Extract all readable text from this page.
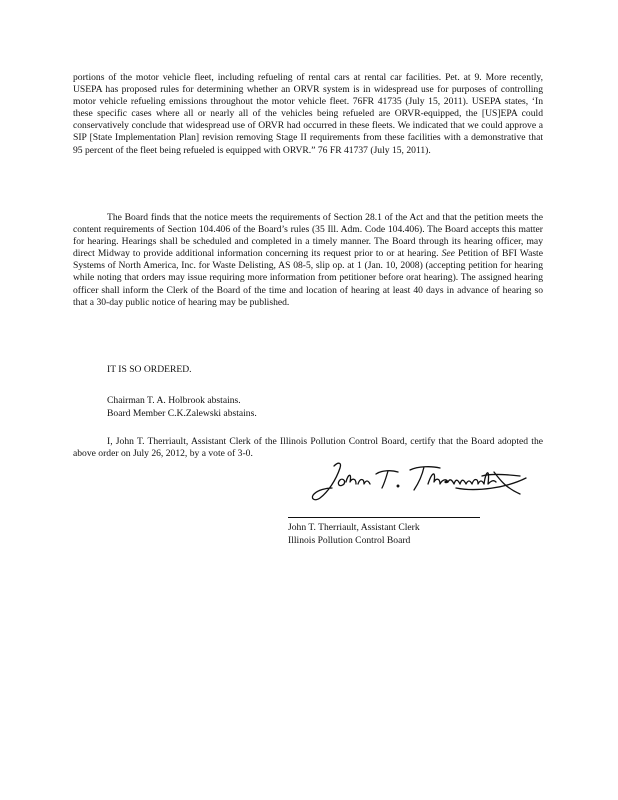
portions of the motor vehicle fleet, including refueling of rental cars at rental car facilities. Pet. at 9. More recently, USEPA has proposed rules for determining whether an ORVR system is in widespread use for purposes of controlling motor vehicle refueling emissions throughout the motor vehicle fleet. 76FR 41735 (July 15, 2011). USEPA states, ‘In these specific cases where all or nearly all of the vehicles being refueled are ORVR-equipped, the [US]EPA could conservatively conclude that widespread use of ORVR had occurred in these fleets. We indicated that we could approve a SIP [State Implementation Plan] revision removing Stage II requirements from these facilities with a demonstrative that 95 percent of the fleet being refueled is equipped with ORVR.” 76 FR 41737 (July 15, 2011).

The Board finds that the notice meets the requirements of Section 28.1 of the Act and that the petition meets the content requirements of Section 104.406 of the Board’s rules (35 Ill. Adm. Code 104.406). The Board accepts this matter for hearing. Hearings shall be scheduled and completed in a timely manner. The Board through its hearing officer, may direct Midway to provide additional information concerning its request prior to or at hearing. See Petition of BFI Waste Systems of North America, Inc. for Waste Delisting, AS 08-5, slip op. at 1 (Jan. 10, 2008) (accepting petition for hearing while noting that orders may issue requiring more information from petitioner before orat hearing). The assigned hearing officer shall inform the Clerk of the Board of the time and location of hearing at least 40 days in advance of hearing so that a 30-day public notice of hearing may be published.

IT IS SO ORDERED.
Chairman T. A. Holbrook abstains.
Board Member C.K.Zalewski abstains.

I, John T. Therriault, Assistant Clerk of the Illinois Pollution Control Board, certify that the Board adopted the above order on July 26, 2012, by a vote of 3-0.

John T. Therriault, Assistant Clerk
Illinois Pollution Control Board
